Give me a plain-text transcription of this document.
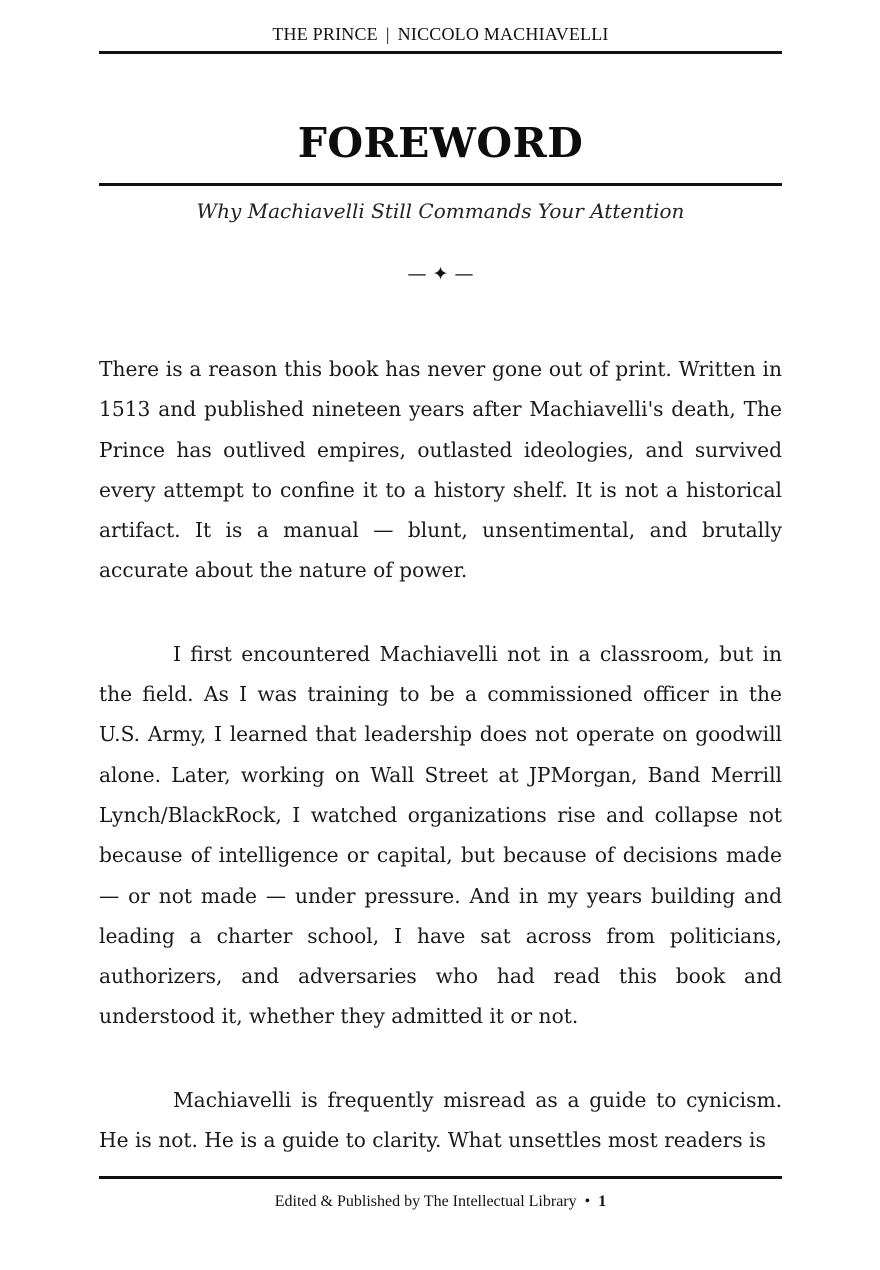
THE PRINCE | NICCOLO MACHIAVELLI
FOREWORD
Why Machiavelli Still Commands Your Attention
— ✦ —

There is a reason this book has never gone out of print. Written in 1513 and published nineteen years after Machiavelli's death, The Prince has outlived empires, outlasted ideologies, and survived every attempt to confine it to a history shelf. It is not a historical artifact. It is a manual — blunt, unsentimental, and brutally accurate about the nature of power.

I first encountered Machiavelli not in a classroom, but in the field. As I was training to be a commissioned officer in the U.S. Army, I learned that leadership does not operate on goodwill alone. Later, working on Wall Street at JPMorgan, Band Merrill Lynch/BlackRock, I watched organizations rise and collapse not because of intelligence or capital, but because of decisions made — or not made — under pressure. And in my years building and leading a charter school, I have sat across from politicians, authorizers, and adversaries who had read this book and understood it, whether they admitted it or not.

Machiavelli is frequently misread as a guide to cynicism. He is not. He is a guide to clarity. What unsettles most readers is

Edited & Published by The Intellectual Library • 1
